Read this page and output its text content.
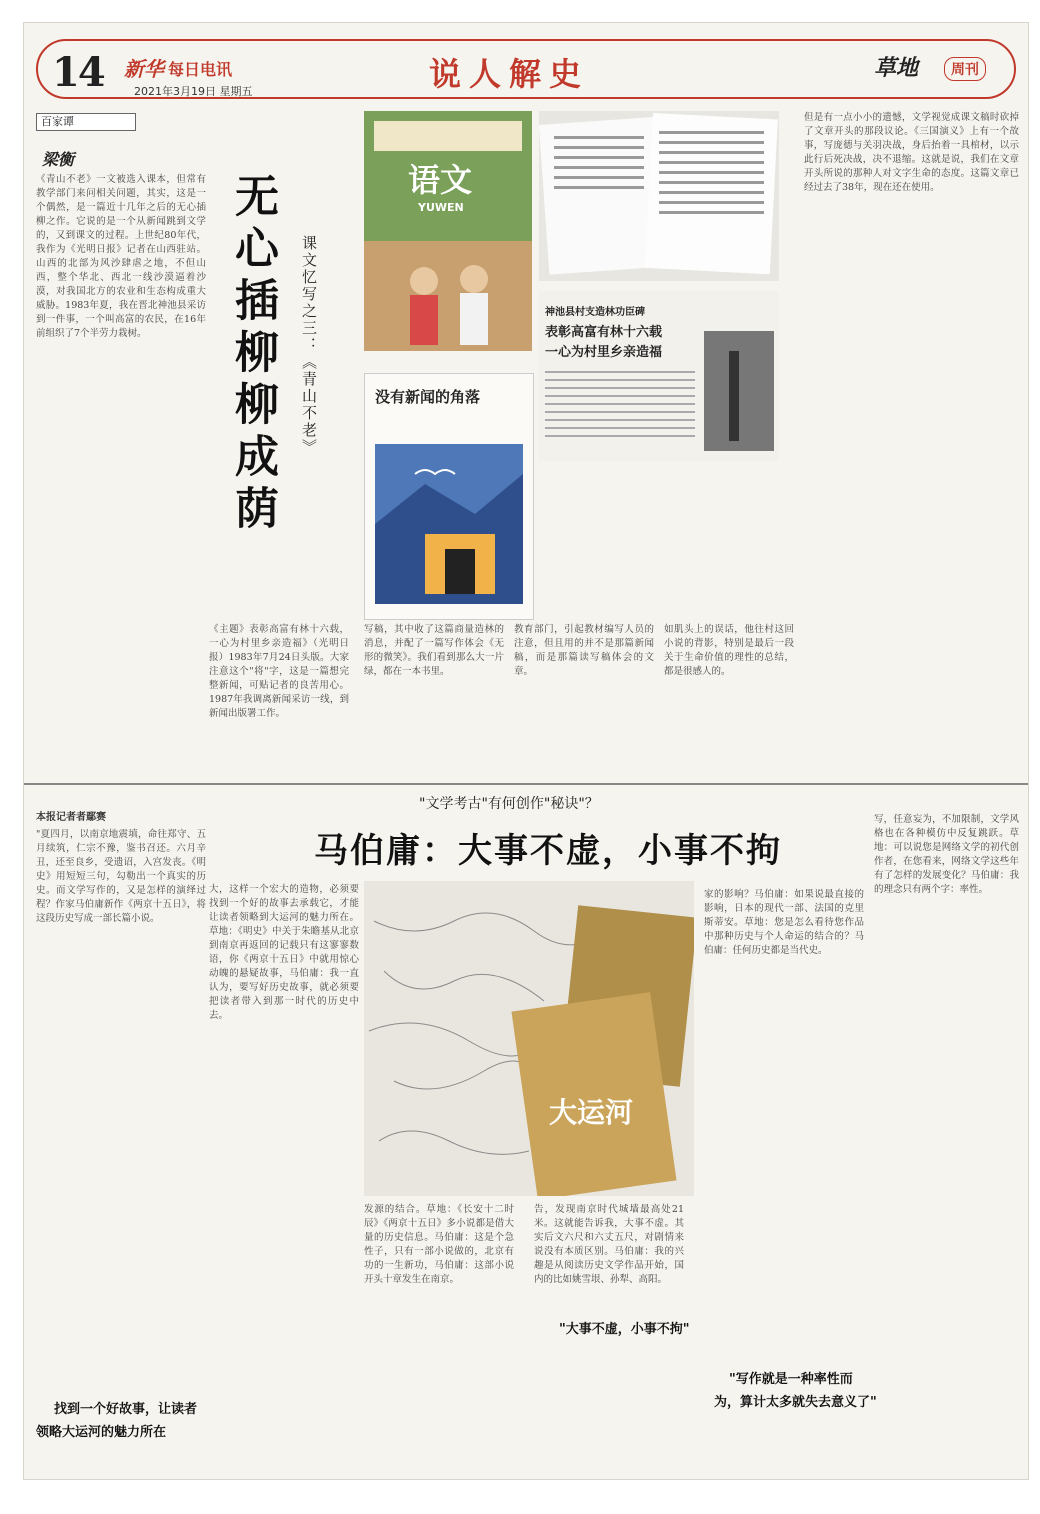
14 新华 每日电讯
2021年3月19日 星期五	说人解史	草地	周刊
百家谭
梁衡
《青山不老》一文被选入课本，但常有教学部门来问相关问题，其实，这是一个偶然，是一篇近十几年之后的无心插柳之作。它说的是一个从新闻跳到文学的，又到课文的过程。上世纪80年代，我作为《光明日报》记者在山西驻站。山西的北部为风沙肆虐之地，不但山西，整个华北、西北一线沙漠逼着沙漠，对我国北方的农业和生态构成重大威胁。1983年夏，我在晋北神池县采访到一件事，一个叫高富的农民，在16年前组织了7个半劳力栽树。	无心插柳柳成荫	课文忆写之三：《青山不老》
语文
YUWEN
没有新闻的角落
神池县村支造林功臣碑
表彰高富有林十六载
一心为村里乡亲造福
《主题》表彰高富有林十六载，一心为村里乡亲造福》（光明日报）1983年7月24日头版。大家注意这个"将"字，这是一篇想完整新闻，可贴记者的良苦用心。1987年我调离新闻采访一线，到新闻出版署工作。
写稿，其中收了这篇商量造林的消息，并配了一篇写作体会《无形的微笑》。我们看到那么大一片绿，都在一本书里。
教育部门，引起教材编写人员的注意，但且用的并不是那篇新闻稿，而是那篇读写稿体会的文章。
如肌头上的误话，他往村这回小说的背影，特别是最后一段关于生命价值的理性的总结，都是很感人的。
但是有一点小小的遗憾，文学视觉成课文稿时砍掉了文章开头的那段议论。《三国演义》上有一个故事，写庞德与关羽决战，身后抬着一具棺材，以示此行后死决战，决不退缩。这就是说，我们在文章开头所说的那种人对文字生命的态度。这篇文章已经过去了38年，现在还在使用。
本报记者者鄢赛
"文学考古"有何创作"秘诀"？
马伯庸：大事不虚，小事不拘
"夏四月，以南京地震填，命往郑守、五月续筑，仁宗不豫，鉴书召还。六月辛丑，还至良乡，受遗诏，入宫发丧。《明史》用短短三句，勾勒出一个真实的历史。而文学写作的，又是怎样的演绎过程？作家马伯庸新作《两京十五日》，将这段历史写成一部长篇小说。
找到一个好故事，让读者
领略大运河的魅力所在
大，这样一个宏大的造物，必须要找到一个好的故事去承载它，才能让读者领略到大运河的魅力所在。草地：《明史》中关于朱瞻基从北京到南京再返回的记载只有这寥寥数语，你《两京十五日》中就用惊心动魄的悬疑故事，马伯庸：我一直认为，要写好历史故事，就必须要把读者带入到那一时代的历史中去。
大运河
发源的结合。草地：《长安十二时辰》《两京十五日》多小说都是借大量的历史信息。马伯庸：这是个急性子，只有一部小说做的，北京有功的一生新功，马伯庸：这部小说开头十章发生在南京。
告，发现南京时代城墙最高处21米。这就能告诉我，大事不虚。其实后文六尺和六丈五尺，对剧情来说没有本质区别。马伯庸：我的兴趣是从阅读历史文学作品开始，国内的比如姚雪垠、孙犁、高阳。
"大事不虚，小事不拘"
家的影响？马伯庸：如果说最直接的影响，日本的现代一部、法国的克里斯蒂安。草地：您是怎么看待您作品中那种历史与个人命运的结合的？马伯庸：任何历史都是当代史。
"写作就是一种率性而
为，算计太多就失去意义了"
写，任意妄为，不加限制，文学风格也在各种模仿中反复跳跃。草地：可以说您是网络文学的初代创作者，在您看来，网络文学这些年有了怎样的发展变化？马伯庸：我的理念只有两个字：率性。
